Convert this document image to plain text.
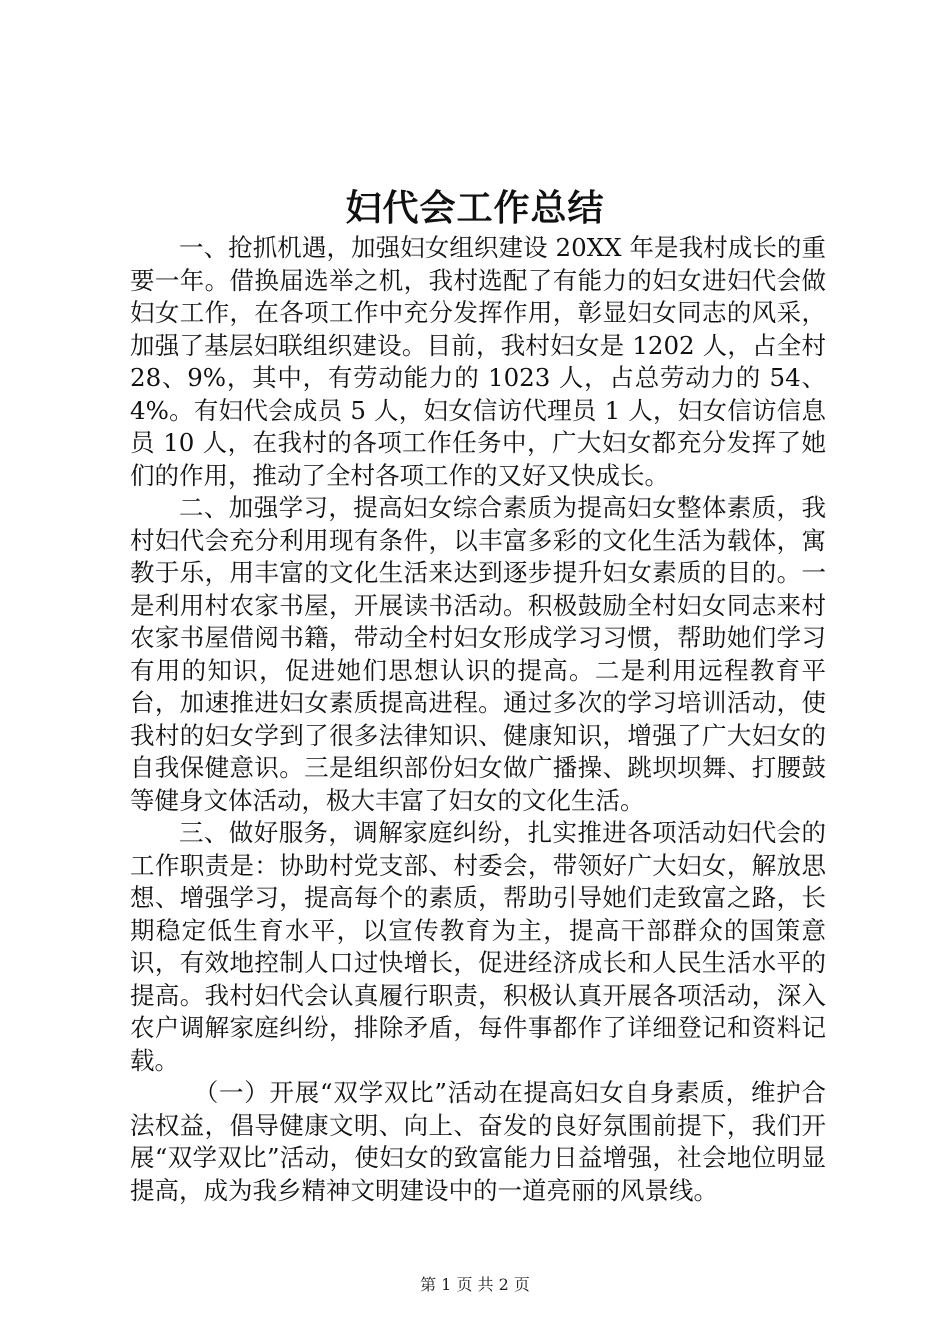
妇代会工作总结

一、抢抓机遇，加强妇女组织建设 20XX 年是我村成长的重要一年。借换届选举之机，我村选配了有能力的妇女进妇代会做妇女工作，在各项工作中充分发挥作用，彰显妇女同志的风采，加强了基层妇联组织建设。目前，我村妇女是 1202 人，占全村 28、9%，其中，有劳动能力的 1023 人，占总劳动力的 54、4%。有妇代会成员 5 人，妇女信访代理员 1 人，妇女信访信息员 10 人，在我村的各项工作任务中，广大妇女都充分发挥了她们的作用，推动了全村各项工作的又好又快成长。

二、加强学习，提高妇女综合素质为提高妇女整体素质，我村妇代会充分利用现有条件，以丰富多彩的文化生活为载体，寓教于乐，用丰富的文化生活来达到逐步提升妇女素质的目的。一是利用村农家书屋，开展读书活动。积极鼓励全村妇女同志来村农家书屋借阅书籍，带动全村妇女形成学习习惯，帮助她们学习有用的知识，促进她们思想认识的提高。二是利用远程教育平台，加速推进妇女素质提高进程。通过多次的学习培训活动，使我村的妇女学到了很多法律知识、健康知识，增强了广大妇女的自我保健意识。三是组织部份妇女做广播操、跳坝坝舞、打腰鼓等健身文体活动，极大丰富了妇女的文化生活。

三、做好服务，调解家庭纠纷，扎实推进各项活动妇代会的工作职责是：协助村党支部、村委会，带领好广大妇女，解放思想、增强学习，提高每个的素质，帮助引导她们走致富之路，长期稳定低生育水平，以宣传教育为主，提高干部群众的国策意识，有效地控制人口过快增长，促进经济成长和人民生活水平的提高。我村妇代会认真履行职责，积极认真开展各项活动，深入农户调解家庭纠纷，排除矛盾，每件事都作了详细登记和资料记载。

（一）开展“双学双比”活动在提高妇女自身素质，维护合法权益，倡导健康文明、向上、奋发的良好氛围前提下，我们开展“双学双比”活动，使妇女的致富能力日益增强，社会地位明显提高，成为我乡精神文明建设中的一道亮丽的风景线。

第 1 页 共 2 页
